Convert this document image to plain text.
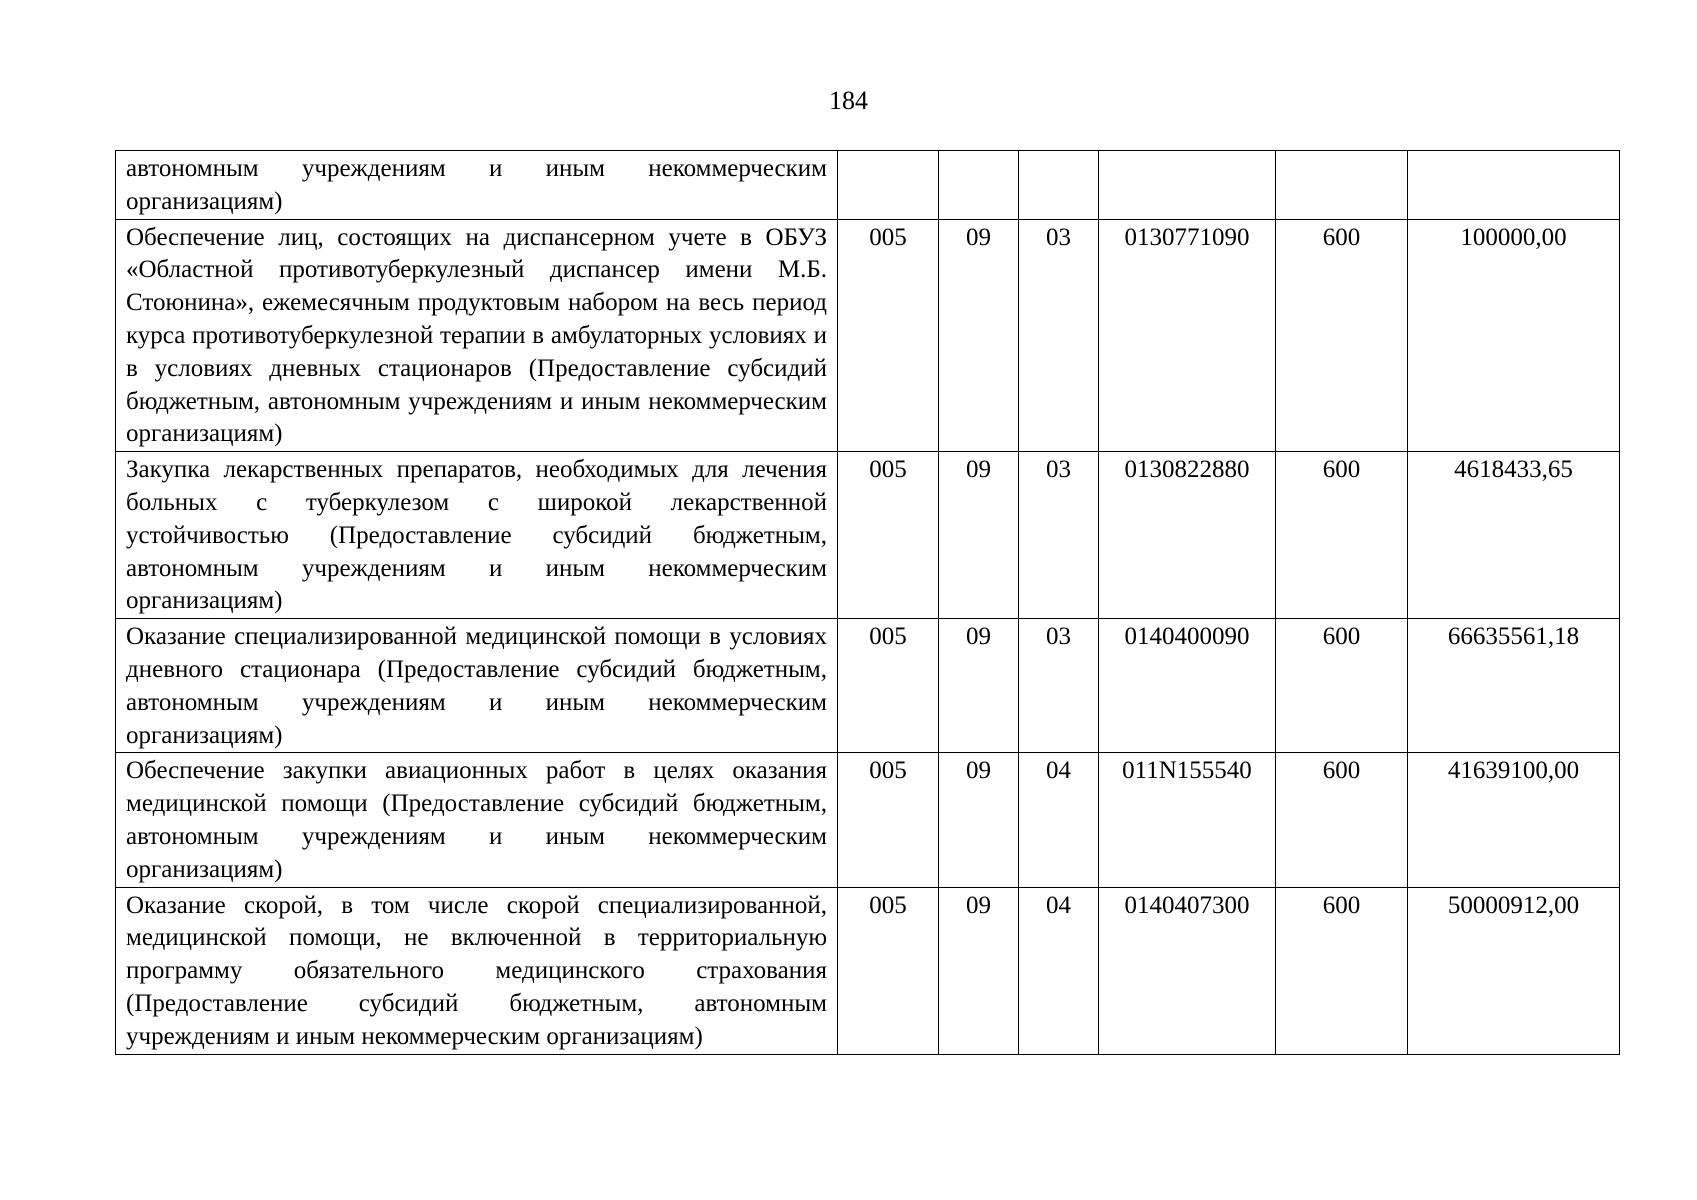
184
автономным учреждениям и иным некоммерческим организациям)						
Обеспечение лиц, состоящих на диспансерном учете в ОБУЗ «Областной противотуберкулезный диспансер имени М.Б. Стоюнина», ежемесячным продуктовым набором на весь период курса противотуберкулезной терапии в амбулаторных условиях и в условиях дневных стационаров (Предоставление субсидий бюджетным, автономным учреждениям и иным некоммерческим организациям)	005	09	03	0130771090	600	100000,00
Закупка лекарственных препаратов, необходимых для лечения больных с туберкулезом с широкой лекарственной устойчивостью (Предоставление субсидий бюджетным, автономным учреждениям и иным некоммерческим организациям)	005	09	03	0130822880	600	4618433,65
Оказание специализированной медицинской помощи в условиях дневного стационара (Предоставление субсидий бюджетным, автономным учреждениям и иным некоммерческим организациям)	005	09	03	0140400090	600	66635561,18
Обеспечение закупки авиационных работ в целях оказания медицинской помощи (Предоставление субсидий бюджетным, автономным учреждениям и иным некоммерческим организациям)	005	09	04	011N155540	600	41639100,00
Оказание скорой, в том числе скорой специализированной, медицинской помощи, не включенной в территориальную программу обязательного медицинского страхования (Предоставление субсидий бюджетным, автономным учреждениям и иным некоммерческим организациям)	005	09	04	0140407300	600	50000912,00
